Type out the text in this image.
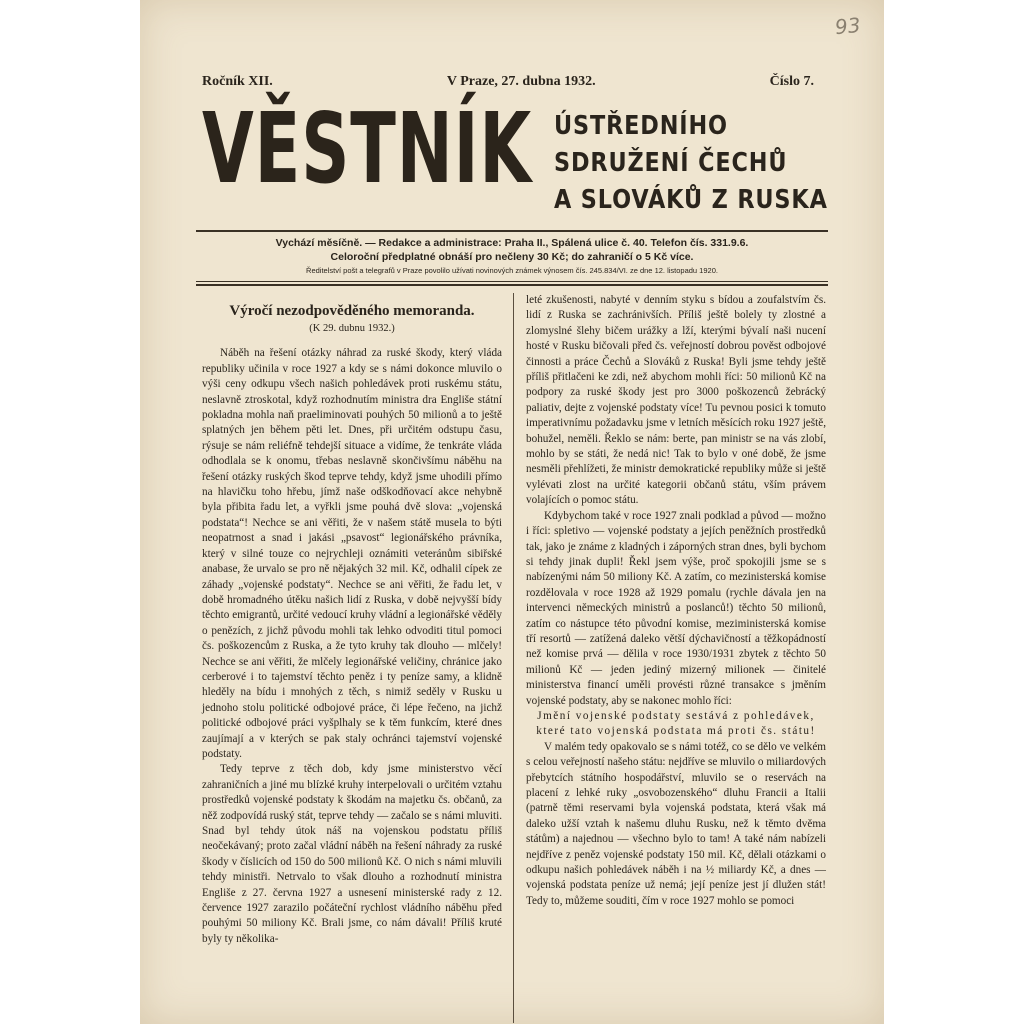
93
Ročník XII.	V Praze, 27. dubna 1932.	Číslo 7.
VĚSTNÍK ÚSTŘEDNÍHO
SDRUŽENÍ ČECHŮ
A SLOVÁKŮ Z RUSKA
Vychází měsíčně. — Redakce a administrace: Praha II., Spálená ulice č. 40. Telefon čís. 331.9.6.
Celoroční předplatné obnáší pro nečleny 30 Kč; do zahraničí o 5 Kč více.
Ředitelství pošt a telegrafů v Praze povolilo užívati novinových známek výnosem čís. 245.834/VI. ze dne 12. listopadu 1920.
Výročí nezodpověděného memoranda.
(K 29. dubnu 1932.)

Náběh na řešení otázky náhrad za ruské škody, který vláda republiky učinila v roce 1927 a kdy se s námi dokonce mluvilo o výši ceny odkupu všech našich pohledávek proti ruskému státu, neslavně ztroskotal, když rozhodnutím ministra dra Engliše státní pokladna mohla naň praeliminovati pouhých 50 milionů a to ještě splatných jen během pěti let. Dnes, při určitém odstupu času, rýsuje se nám reliéfně tehdejší situace a vidíme, že tenkráte vláda odhodlala se k onomu, třebas neslavně skončivšímu náběhu na řešení otázky ruských škod teprve tehdy, když jsme uhodili přímo na hlavičku toho hřebu, jímž naše odškodňovací akce nehybně byla přibita řadu let, a vyřkli jsme pouhá dvě slova: „vojenská podstata“! Nechce se ani věřiti, že v našem státě musela to býti neopatrnost a snad i jakási „psavost“ legionářského právníka, který v silné touze co nejrychleji oznámiti veteránům sibiřské anabase, že urvalo se pro ně nějakých 32 mil. Kč, odhalil cípek ze záhady „vojenské podstaty“. Nechce se ani věřiti, že řadu let, v době hromadného útěku našich lidí z Ruska, v době nejvyšší bídy těchto emigrantů, určité vedoucí kruhy vládní a legionářské věděly o penězích, z jichž původu mohli tak lehko odvoditi titul pomoci čs. poškozencům z Ruska, a že tyto kruhy tak dlouho — mlčely! Nechce se ani věřiti, že mlčely legionářské veličiny, chránice jako cerberové i to tajemství těchto peněz i ty peníze samy, a klidně hleděly na bídu i mnohých z těch, s nimiž seděly v Rusku u jednoho stolu politické odbojové práce, či lépe řečeno, na jichž politické odbojové práci vyšplhaly se k těm funkcím, které dnes zaujímají a v kterých se pak staly ochránci tajemství vojenské podstaty.

Tedy teprve z těch dob, kdy jsme ministerstvo věcí zahraničních a jiné mu blízké kruhy interpelovali o určitém vztahu prostředků vojenské podstaty k škodám na majetku čs. občanů, za něž zodpovídá ruský stát, teprve tehdy — začalo se s námi mluviti. Snad byl tehdy útok náš na vojenskou podstatu příliš neočekávaný; proto začal vládní náběh na řešení náhrady za ruské škody v číslicích od 150 do 500 milionů Kč. O nich s námi mluvili tehdy ministři. Netrvalo to však dlouho a rozhodnutí ministra Engliše z 27. června 1927 a usnesení ministerské rady z 12. července 1927 zarazilo počáteční rychlost vládního náběhu před pouhými 50 miliony Kč. Brali jsme, co nám dávali! Příliš kruté byly ty několika-

leté zkušenosti, nabyté v denním styku s bídou a zoufalstvím čs. lidí z Ruska se zachránivších. Příliš ještě bolely ty zlostné a zlomyslné šlehy bičem urážky a lží, kterými bývalí naši nucení hosté v Rusku bičovali před čs. veřejností dobrou pověst odbojové činnosti a práce Čechů a Slováků z Ruska! Byli jsme tehdy ještě příliš přitlačeni ke zdi, než abychom mohli říci: 50 milionů Kč na podpory za ruské škody jest pro 3000 poškozenců žebrácký paliativ, dejte z vojenské podstaty více! Tu pevnou posici k tomuto imperativnímu požadavku jsme v letních měsících roku 1927 ještě, bohužel, neměli. Řeklo se nám: berte, pan ministr se na vás zlobí, mohlo by se státi, že nedá nic! Tak to bylo v oné době, že jsme nesměli přehlížeti, že ministr demokratické republiky může si ještě vylévati zlost na určité kategorii občanů státu, vším právem volajících o pomoc státu.

Kdybychom také v roce 1927 znali podklad a původ — možno i říci: spletivo — vojenské podstaty a jejích peněžních prostředků tak, jako je známe z kladných i záporných stran dnes, byli bychom si tehdy jinak dupli! Řekl jsem výše, proč spokojili jsme se s nabízenými nám 50 miliony Kč. A zatím, co mezinisterská komise rozdělovala v roce 1928 až 1929 pomalu (rychle dávala jen na intervenci německých ministrů a poslanců!) těchto 50 milionů, zatím co nástupce této původní komise, meziministerská komise tří resortů — zatížená daleko větší dýchavičností a těžkopádností než komise prvá — dělila v roce 1930/1931 zbytek z těchto 50 milionů Kč — jeden jediný mizerný milionek — činitelé ministerstva financí uměli provésti různé transakce s jměním vojenské podstaty, aby se nakonec mohlo říci:

Jmění vojenské podstaty sestává z pohledávek, které tato vojenská podstata má proti čs. státu!

V malém tedy opakovalo se s námi totéž, co se dělo ve velkém s celou veřejností našeho státu: nejdříve se mluvilo o miliardových přebytcích státního hospodářství, mluvilo se o reservách na placení z lehké ruky „osvobozenského“ dluhu Francii a Italii (patrně těmi reservami byla vojenská podstata, která však má daleko užší vztah k našemu dluhu Rusku, než k těmto dvěma státům) a najednou — všechno bylo to tam! A také nám nabízeli nejdříve z peněz vojenské podstaty 150 mil. Kč, dělali otázkami o odkupu našich pohledávek náběh i na ½ miliardy Kč, a dnes — vojenská podstata peníze už nemá; její peníze jest jí dlužen stát! Tedy to, můžeme souditi, čím v roce 1927 mohlo se pomoci
